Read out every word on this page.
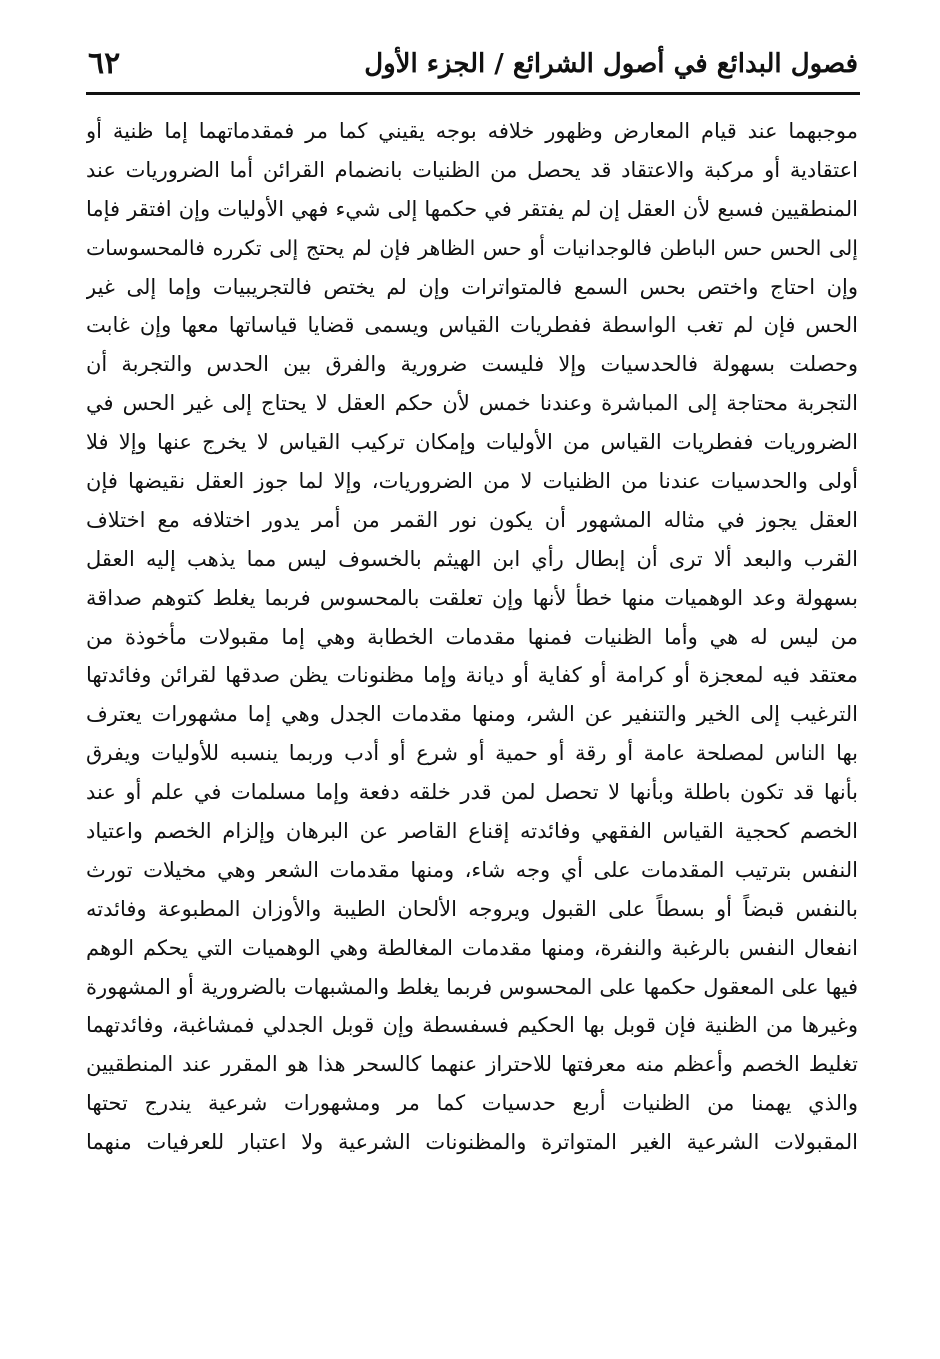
فصول البدائع في أصول الشرائع / الجزء الأول
٦٢
موجبهما عند قيام المعارض وظهور خلافه بوجه يقيني كما مر فمقدماتهما إما ظنية أو
اعتقادية أو مركبة والاعتقاد قد يحصل من الظنيات بانضمام القرائن أما الضروريات عند
المنطقيين فسبع لأن العقل إن لم يفتقر في حكمها إلى شيء فهي الأوليات وإن افتقر فإما
إلى الحس حس الباطن فالوجدانيات أو حس الظاهر فإن لم يحتج إلى تكرره فالمحسوسات
وإن احتاج واختص بحس السمع فالمتواترات وإن لم يختص فالتجريبيات وإما إلى غير
الحس فإن لم تغب الواسطة ففطريات القياس ويسمى قضايا قياساتها معها وإن غابت
وحصلت بسهولة فالحدسيات وإلا فليست ضرورية والفرق بين الحدس والتجربة أن
التجربة محتاجة إلى المباشرة وعندنا خمس لأن حكم العقل لا يحتاج إلى غير الحس في
الضروريات ففطريات القياس من الأوليات وإمكان تركيب القياس لا يخرج عنها وإلا فلا
أولى والحدسيات عندنا من الظنيات لا من الضروريات، وإلا لما جوز العقل نقيضها فإن
العقل يجوز في مثاله المشهور أن يكون نور القمر من أمر يدور اختلافه مع اختلاف
القرب والبعد ألا ترى أن إبطال رأي ابن الهيثم بالخسوف ليس مما يذهب إليه العقل
بسهولة وعد الوهميات منها خطأ لأنها وإن تعلقت بالمحسوس فربما يغلط كتوهم صداقة
من ليس له هي وأما الظنيات فمنها مقدمات الخطابة وهي إما مقبولات مأخوذة من
معتقد فيه لمعجزة أو كرامة أو كفاية أو ديانة وإما مظنونات يظن صدقها لقرائن وفائدتها
الترغيب إلى الخير والتنفير عن الشر، ومنها مقدمات الجدل وهي إما مشهورات يعترف
بها الناس لمصلحة عامة أو رقة أو حمية أو شرع أو أدب وربما ينسبه للأوليات ويفرق
بأنها قد تكون باطلة وبأنها لا تحصل لمن قدر خلقه دفعة وإما مسلمات في علم أو عند
الخصم كحجية القياس الفقهي وفائدته إقناع القاصر عن البرهان وإلزام الخصم واعتياد
النفس بترتيب المقدمات على أي وجه شاء، ومنها مقدمات الشعر وهي مخيلات تورث
بالنفس قبضاً أو بسطاً على القبول ويروجه الألحان الطيبة والأوزان المطبوعة وفائدته
انفعال النفس بالرغبة والنفرة، ومنها مقدمات المغالطة وهي الوهميات التي يحكم الوهم
فيها على المعقول حكمها على المحسوس فربما يغلط والمشبهات بالضرورية أو المشهورة
وغيرها من الظنية فإن قوبل بها الحكيم فسفسطة وإن قوبل الجدلي فمشاغبة، وفائدتهما
تغليط الخصم وأعظم منه معرفتها للاحتراز عنهما كالسحر هذا هو المقرر عند المنطقيين
والذي يهمنا من الظنيات أربع حدسيات كما مر ومشهورات شرعية يندرج تحتها
المقبولات الشرعية الغير المتواترة والمظنونات الشرعية ولا اعتبار للعرفيات منهما
